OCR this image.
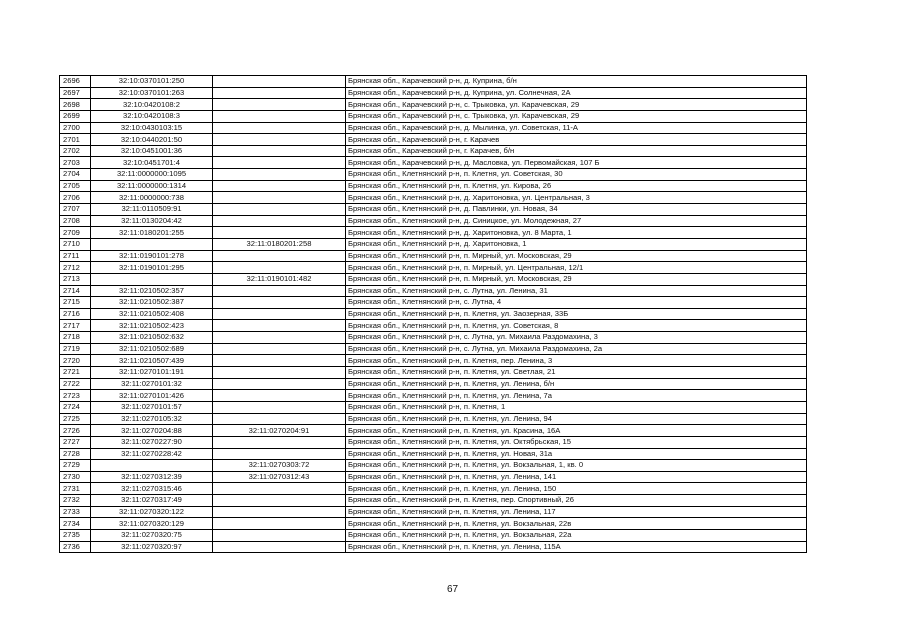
2696	32:10:0370101:250		Брянская обл., Карачевский р-н, д. Куприна, б/н
2697	32:10:0370101:263		Брянская обл., Карачевский р-н, д. Куприна, ул. Солнечная, 2А
2698	32:10:0420108:2		Брянская обл., Карачевский р-н, с. Трыковка, ул. Карачевская, 29
2699	32:10:0420108:3		Брянская обл., Карачевский р-н, с. Трыковка, ул. Карачевская, 29
2700	32:10:0430103:15		Брянская обл., Карачевский р-н, д. Мылинка, ул. Советская, 11-А
2701	32:10:0440201:50		Брянская обл., Карачевский р-н, г. Карачев
2702	32:10:0451001:36		Брянская обл., Карачевский р-н, г. Карачев, б/н
2703	32:10:0451701:4		Брянская обл., Карачевский р-н, д. Масловка, ул. Первомайская, 107 Б
2704	32:11:0000000:1095		Брянская обл., Клетнянский р-н, п. Клетня, ул. Советская, 30
2705	32:11:0000000:1314		Брянская обл., Клетнянский р-н, п. Клетня, ул. Кирова, 26
2706	32:11:0000000:738		Брянская обл., Клетнянский р-н, д. Харитоновка, ул. Центральная, 3
2707	32:11:0110509:91		Брянская обл., Клетнянский р-н, д. Павлинки, ул. Новая, 34
2708	32:11:0130204:42		Брянская обл., Клетнянский р-н, д. Синицкое, ул. Молодежная, 27
2709	32:11:0180201:255		Брянская обл., Клетнянский р-н, д. Харитоновка, ул. 8 Марта, 1
2710		32:11:0180201:258	Брянская обл., Клетнянский р-н, д. Харитоновка, 1
2711	32:11:0190101:278		Брянская обл., Клетнянский р-н, п. Мирный, ул. Московская, 29
2712	32:11:0190101:295		Брянская обл., Клетнянский р-н, п. Мирный, ул. Центральная, 12/1
2713		32:11:0190101:482	Брянская обл., Клетнянский р-н, п. Мирный, ул. Московская, 29
2714	32:11:0210502:357		Брянская обл., Клетнянский р-н, с. Лутна, ул. Ленина, 31
2715	32:11:0210502:387		Брянская обл., Клетнянский р-н, с. Лутна, 4
2716	32:11:0210502:408		Брянская обл., Клетнянский р-н, п. Клетня, ул. Заозерная, 33Б
2717	32:11:0210502:423		Брянская обл., Клетнянский р-н, п. Клетня, ул. Советская, 8
2718	32:11:0210502:632		Брянская обл., Клетнянский р-н, с. Лутна, ул. Михаила Раздомахина, 3
2719	32:11:0210502:689		Брянская обл., Клетнянский р-н, с. Лутна, ул. Михаила Раздомахина, 2а
2720	32:11:0210507:439		Брянская обл., Клетнянский р-н, п. Клетня, пер. Ленина, 3
2721	32:11:0270101:191		Брянская обл., Клетнянский р-н, п. Клетня, ул. Светлая, 21
2722	32:11:0270101:32		Брянская обл., Клетнянский р-н, п. Клетня, ул. Ленина, б/н
2723	32:11:0270101:426		Брянская обл., Клетнянский р-н, п. Клетня, ул. Ленина, 7а
2724	32:11:0270101:57		Брянская обл., Клетнянский р-н, п. Клетня, 1
2725	32:11:0270105:32		Брянская обл., Клетнянский р-н, п. Клетня, ул. Ленина, 94
2726	32:11:0270204:88	32:11:0270204:91	Брянская обл., Клетнянский р-н, п. Клетня, ул. Красина, 16А
2727	32:11:0270227:90		Брянская обл., Клетнянский р-н, п. Клетня, ул. Октябрьская, 15
2728	32:11:0270228:42		Брянская обл., Клетнянский р-н, п. Клетня, ул. Новая, 31а
2729		32:11:0270303:72	Брянская обл., Клетнянский р-н, п. Клетня, ул. Вокзальная, 1, кв. 0
2730	32:11:0270312:39	32:11:0270312:43	Брянская обл., Клетнянский р-н, п. Клетня, ул. Ленина, 141
2731	32:11:0270315:46		Брянская обл., Клетнянский р-н, п. Клетня, ул. Ленина, 150
2732	32:11:0270317:49		Брянская обл., Клетнянский р-н, п. Клетня, пер. Спортивный, 26
2733	32:11:0270320:122		Брянская обл., Клетнянский р-н, п. Клетня, ул. Ленина, 117
2734	32:11:0270320:129		Брянская обл., Клетнянский р-н, п. Клетня, ул. Вокзальная, 22в
2735	32:11:0270320:75		Брянская обл., Клетнянский р-н, п. Клетня, ул. Вокзальная, 22а
2736	32:11:0270320:97		Брянская обл., Клетнянский р-н, п. Клетня, ул. Ленина, 115А
67
